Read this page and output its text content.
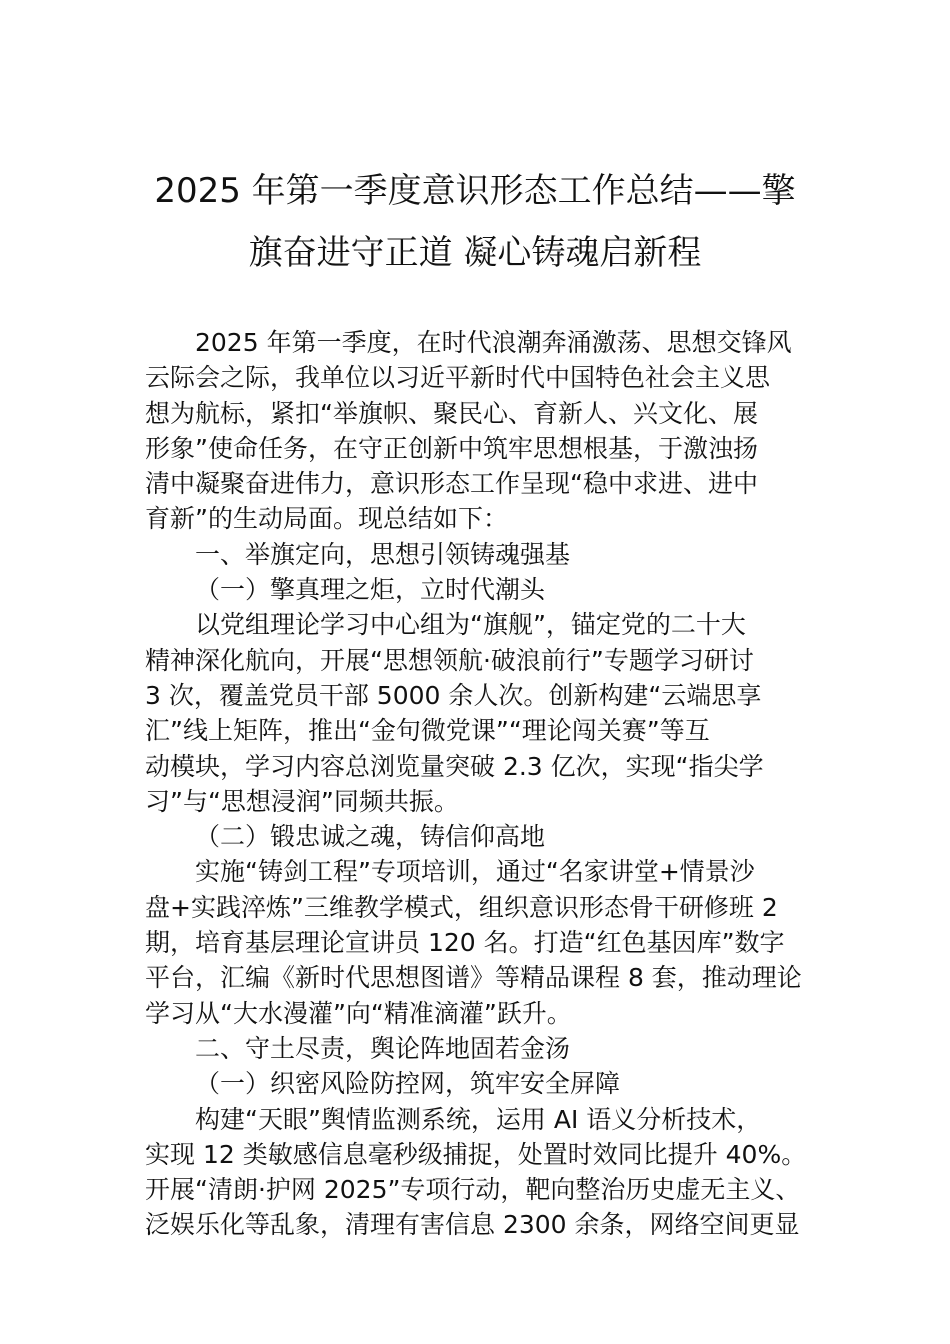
2025 年第一季度意识形态工作总结——擎
旗奋进守正道 凝心铸魂启新程
2025 年第一季度，在时代浪潮奔涌激荡、思想交锋风
云际会之际，我单位以习近平新时代中国特色社会主义思
想为航标，紧扣“举旗帜、聚民心、育新人、兴文化、展
形象”使命任务，在守正创新中筑牢思想根基，于激浊扬
清中凝聚奋进伟力，意识形态工作呈现“稳中求进、进中
育新”的生动局面。现总结如下：
一、举旗定向，思想引领铸魂强基
（一）擎真理之炬，立时代潮头
以党组理论学习中心组为“旗舰”，锚定党的二十大
精神深化航向，开展“思想领航·破浪前行”专题学习研讨
3 次，覆盖党员干部 5000 余人次。创新构建“云端思享
汇”线上矩阵，推出“金句微党课”“理论闯关赛”等互
动模块，学习内容总浏览量突破 2.3 亿次，实现“指尖学
习”与“思想浸润”同频共振。
（二）锻忠诚之魂，铸信仰高地
实施“铸剑工程”专项培训，通过“名家讲堂+情景沙
盘+实践淬炼”三维教学模式，组织意识形态骨干研修班 2
期，培育基层理论宣讲员 120 名。打造“红色基因库”数字
平台，汇编《新时代思想图谱》等精品课程 8 套，推动理论
学习从“大水漫灌”向“精准滴灌”跃升。
二、守土尽责，舆论阵地固若金汤
（一）织密风险防控网，筑牢安全屏障
构建“天眼”舆情监测系统，运用 AI 语义分析技术，
实现 12 类敏感信息毫秒级捕捉，处置时效同比提升 40%。
开展“清朗·护网 2025”专项行动，靶向整治历史虚无主义、
泛娱乐化等乱象，清理有害信息 2300 余条，网络空间更显
